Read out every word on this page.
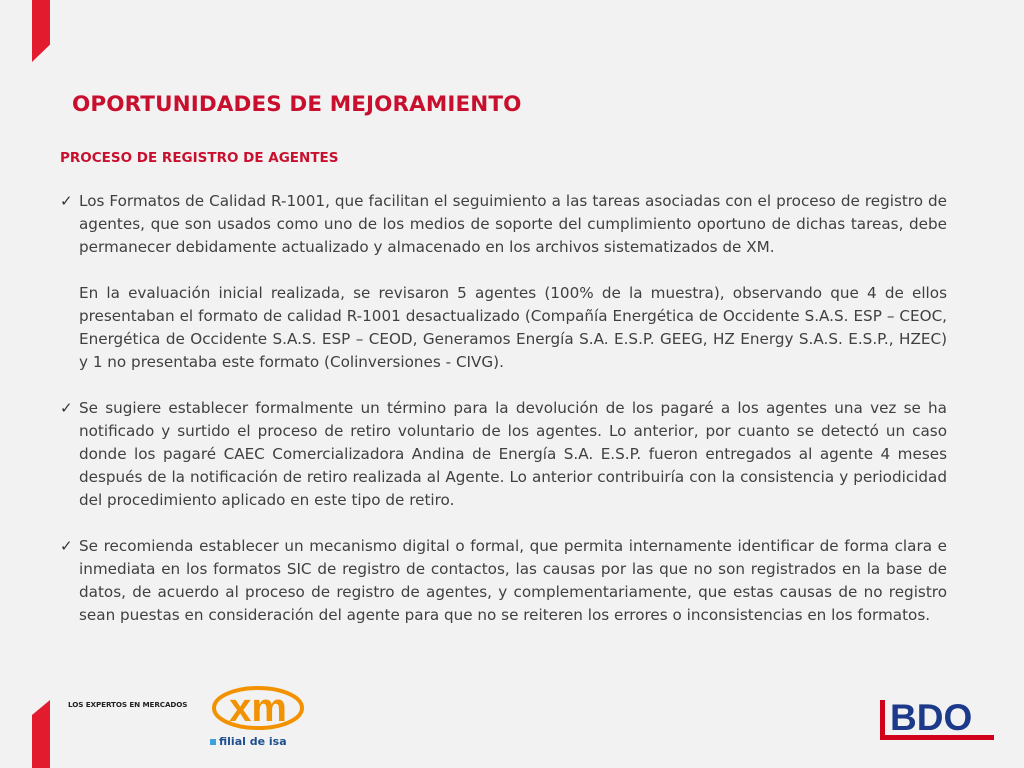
OPORTUNIDADES DE MEJORAMIENTO
PROCESO DE REGISTRO DE AGENTES
✓ Los Formatos de Calidad R-1001, que facilitan el seguimiento a las tareas asociadas con el proceso de registro de agentes, que son usados como uno de los medios de soporte del cumplimiento oportuno de dichas tareas, debe permanecer debidamente actualizado y almacenado en los archivos sistematizados de XM.

En la evaluación inicial realizada, se revisaron 5 agentes (100% de la muestra), observando que 4 de ellos presentaban el formato de calidad R-1001 desactualizado (Compañía Energética de Occidente S.A.S. ESP – CEOC, Energética de Occidente S.A.S. ESP – CEOD, Generamos Energía S.A. E.S.P. GEEG, HZ Energy S.A.S. E.S.P., HZEC) y 1 no presentaba este formato (Colinversiones - CIVG).

✓ Se sugiere establecer formalmente un término para la devolución de los pagaré a los agentes una vez se ha notificado y surtido el proceso de retiro voluntario de los agentes. Lo anterior, por cuanto se detectó un caso donde los pagaré CAEC Comercializadora Andina de Energía S.A. E.S.P. fueron entregados al agente 4 meses después de la notificación de retiro realizada al Agente. Lo anterior contribuiría con la consistencia y periodicidad del procedimiento aplicado en este tipo de retiro.

✓ Se recomienda establecer un mecanismo digital o formal, que permita internamente identificar de forma clara e inmediata en los formatos SIC de registro de contactos, las causas por las que no son registrados en la base de datos, de acuerdo al proceso de registro de agentes, y complementariamente, que estas causas de no registro sean puestas en consideración del agente para que no se reiteren los errores o inconsistencias en los formatos.

LOS EXPERTOS EN MERCADOS xm
filial de isa
BDO
